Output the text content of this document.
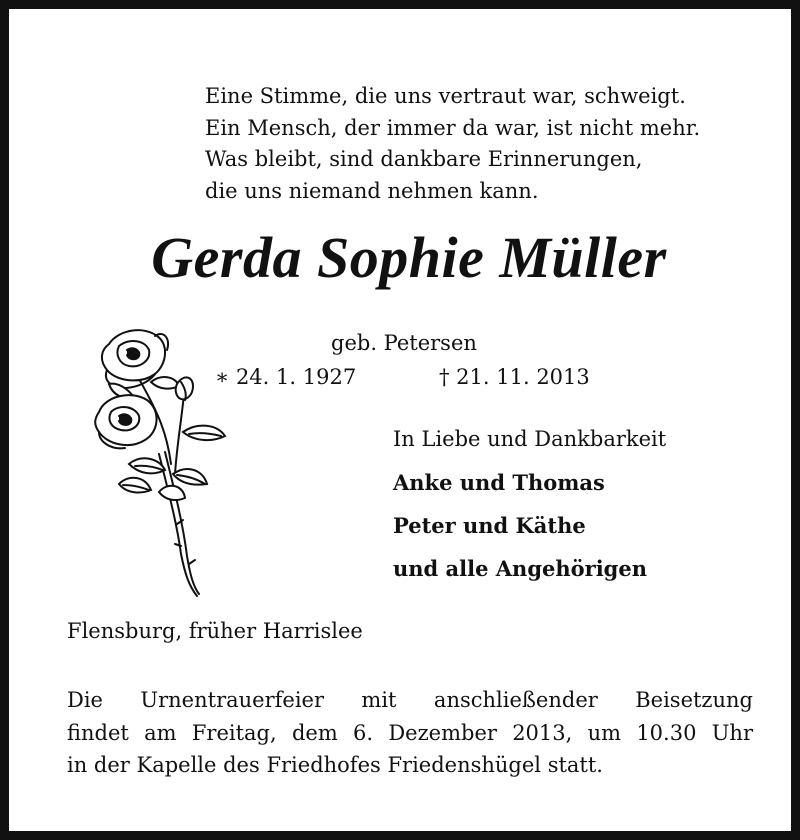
Eine Stimme, die uns vertraut war, schweigt.
Ein Mensch, der immer da war, ist nicht mehr.
Was bleibt, sind dankbare Erinnerungen,
die uns niemand nehmen kann.
Gerda Sophie Müller
geb. Petersen
∗ 24. 1. 1927	† 21. 11. 2013
In Liebe und Dankbarkeit
Anke und Thomas
Peter und Käthe
und alle Angehörigen
Flensburg, früher Harrislee
Die Urnentrauerfeier mit anschließender Beisetzung
findet am Freitag, dem 6. Dezember 2013, um 10.30 Uhr
in der Kapelle des Friedhofes Friedenshügel statt.
